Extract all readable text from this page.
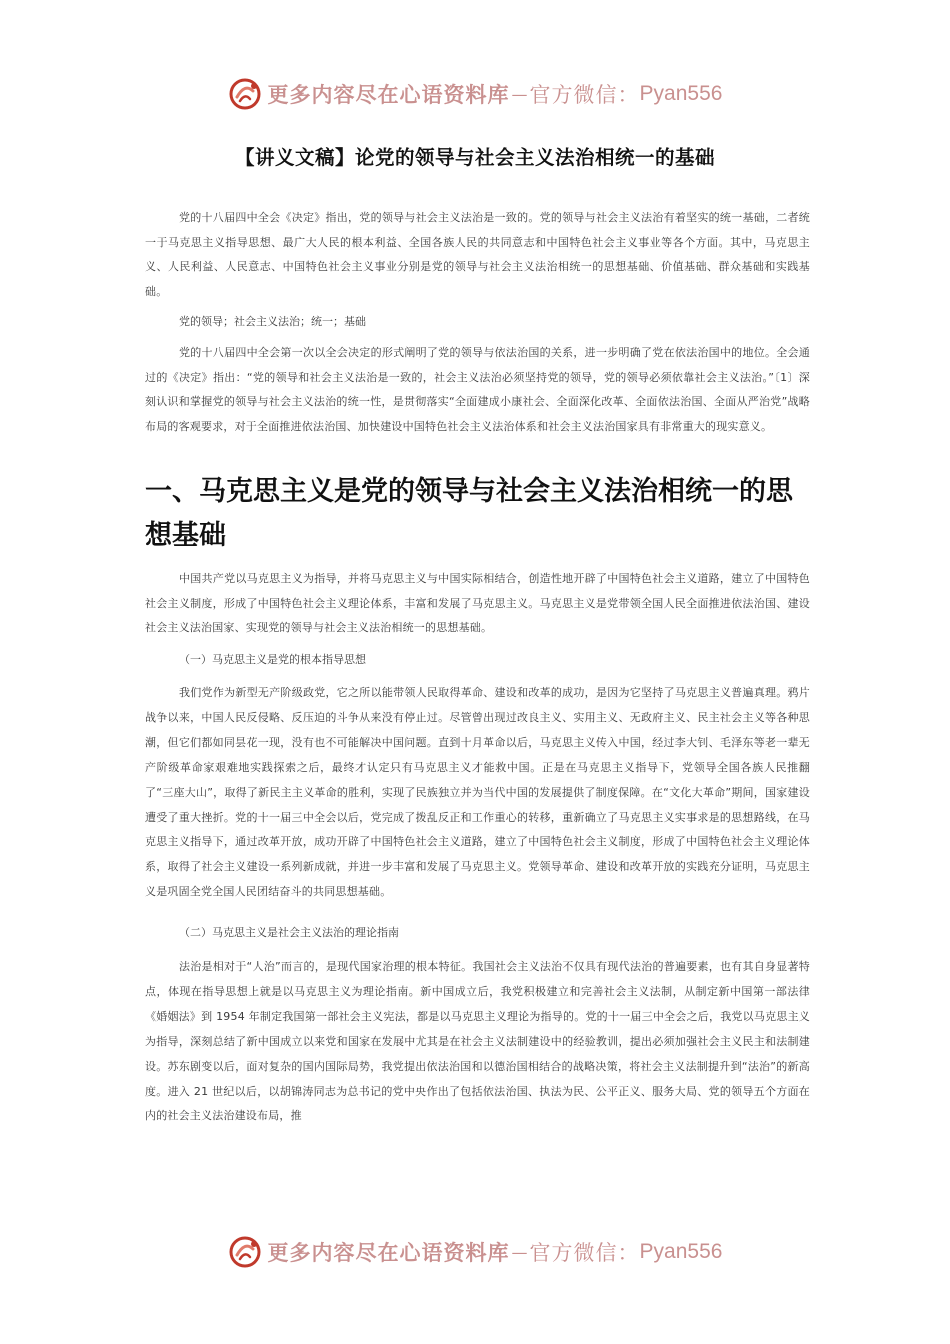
更多内容尽在心语资料库 — 官方微信： Pyan556
【讲义文稿】论党的领导与社会主义法治相统一的基础

党的十八届四中全会《决定》指出，党的领导与社会主义法治是一致的。党的领导与社会主义法治有着坚实的统一基础，二者统一于马克思主义指导思想、最广大人民的根本利益、全国各族人民的共同意志和中国特色社会主义事业等各个方面。其中，马克思主义、人民利益、人民意志、中国特色社会主义事业分别是党的领导与社会主义法治相统一的思想基础、价值基础、群众基础和实践基础。

党的领导；社会主义法治；统一；基础

党的十八届四中全会第一次以全会决定的形式阐明了党的领导与依法治国的关系，进一步明确了党在依法治国中的地位。全会通过的《决定》指出：“党的领导和社会主义法治是一致的，社会主义法治必须坚持党的领导，党的领导必须依靠社会主义法治。”〔1〕深刻认识和掌握党的领导与社会主义法治的统一性，是贯彻落实“全面建成小康社会、全面深化改革、全面依法治国、全面从严治党”战略布局的客观要求，对于全面推进依法治国、加快建设中国特色社会主义法治体系和社会主义法治国家具有非常重大的现实意义。

一、马克思主义是党的领导与社会主义法治相统一的思想基础

中国共产党以马克思主义为指导，并将马克思主义与中国实际相结合，创造性地开辟了中国特色社会主义道路，建立了中国特色社会主义制度，形成了中国特色社会主义理论体系，丰富和发展了马克思主义。马克思主义是党带领全国人民全面推进依法治国、建设社会主义法治国家、实现党的领导与社会主义法治相统一的思想基础。

（一）马克思主义是党的根本指导思想

我们党作为新型无产阶级政党，它之所以能带领人民取得革命、建设和改革的成功，是因为它坚持了马克思主义普遍真理。鸦片战争以来，中国人民反侵略、反压迫的斗争从来没有停止过。尽管曾出现过改良主义、实用主义、无政府主义、民主社会主义等各种思潮，但它们都如同昙花一现，没有也不可能解决中国问题。直到十月革命以后，马克思主义传入中国，经过李大钊、毛泽东等老一辈无产阶级革命家艰难地实践探索之后，最终才认定只有马克思主义才能救中国。正是在马克思主义指导下，党领导全国各族人民推翻了“三座大山”，取得了新民主主义革命的胜利，实现了民族独立并为当代中国的发展提供了制度保障。在“文化大革命”期间，国家建设遭受了重大挫折。党的十一届三中全会以后，党完成了拨乱反正和工作重心的转移，重新确立了马克思主义实事求是的思想路线，在马克思主义指导下，通过改革开放，成功开辟了中国特色社会主义道路，建立了中国特色社会主义制度，形成了中国特色社会主义理论体系，取得了社会主义建设一系列新成就，并进一步丰富和发展了马克思主义。党领导革命、建设和改革开放的实践充分证明，马克思主义是巩固全党全国人民团结奋斗的共同思想基础。

（二）马克思主义是社会主义法治的理论指南

法治是相对于“人治”而言的，是现代国家治理的根本特征。我国社会主义法治不仅具有现代法治的普遍要素，也有其自身显著特点，体现在指导思想上就是以马克思主义为理论指南。新中国成立后，我党积极建立和完善社会主义法制，从制定新中国第一部法律《婚姻法》到 1954 年制定我国第一部社会主义宪法，都是以马克思主义理论为指导的。党的十一届三中全会之后，我党以马克思主义为指导，深刻总结了新中国成立以来党和国家在发展中尤其是在社会主义法制建设中的经验教训，提出必须加强社会主义民主和法制建设。苏东剧变以后，面对复杂的国内国际局势，我党提出依法治国和以德治国相结合的战略决策，将社会主义法制提升到“法治”的新高度。进入 21 世纪以后，以胡锦涛同志为总书记的党中央作出了包括依法治国、执法为民、公平正义、服务大局、党的领导五个方面在内的社会主义法治建设布局，推

更多内容尽在心语资料库 — 官方微信： Pyan556
